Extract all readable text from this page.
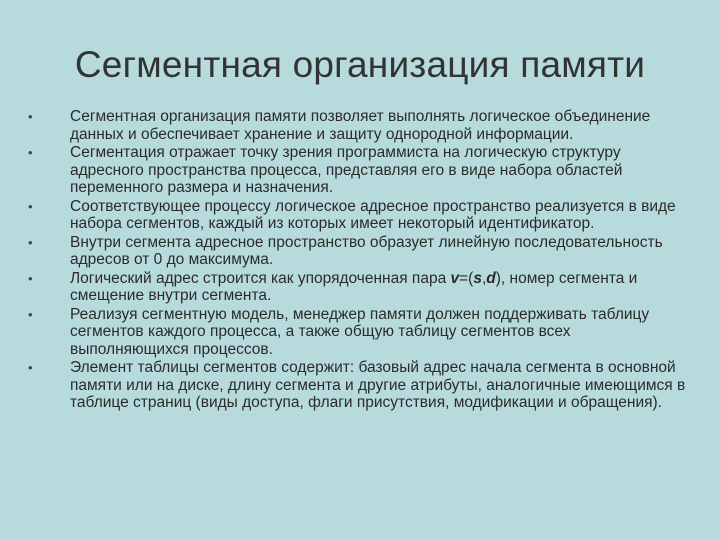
Сегментная организация памяти
• Сегментная организация памяти позволяет выполнять логическое объединение данных и обеспечивает хранение и защиту однородной информации.
• Сегментация отражает точку зрения программиста на логическую структуру адресного пространства процесса, представляя его в виде набора областей переменного размера и назначения.
• Соответствующее процессу логическое адресное пространство реализуется в виде набора сегментов, каждый из которых имеет некоторый идентификатор.
• Внутри сегмента адресное пространство образует линейную последовательность адресов от 0 до максимума.
• Логический адрес строится как упорядоченная пара v=(s,d), номер сегмента и смещение внутри сегмента.
• Реализуя сегментную модель, менеджер памяти должен поддерживать таблицу сегментов каждого процесса, а также общую таблицу сегментов всех выполняющихся процессов.
• Элемент таблицы сегментов содержит: базовый адрес начала сегмента в основной памяти или на диске, длину сегмента и другие атрибуты, аналогичные имеющимся в таблице страниц (виды доступа, флаги присутствия, модификации и обращения).
